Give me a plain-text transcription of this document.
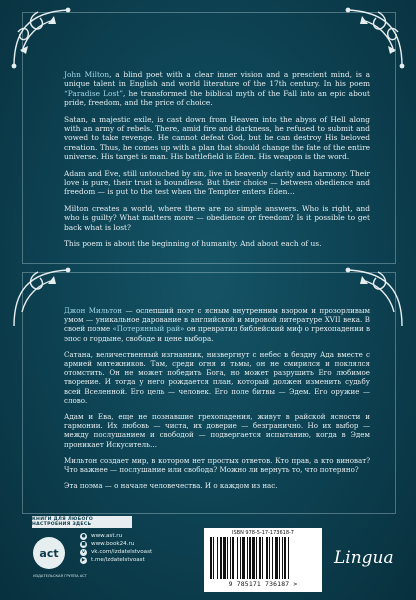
John Milton, a blind poet with a clear inner vision and a prescient mind, is a unique talent in English and world literature of the 17th century. In his poem “Paradise Lost”, he transformed the biblical myth of the Fall into an epic about pride, freedom, and the price of choice.

Satan, a majestic exile, is cast down from Heaven into the abyss of Hell along with an army of rebels. There, amid fire and darkness, he refused to submit and vowed to take revenge. He cannot defeat God, but he can destroy His beloved creation. Thus, he comes up with a plan that should change the fate of the entire universe. His target is man. His battlefield is Eden. His weapon is the word.

Adam and Eve, still untouched by sin, live in heavenly clarity and harmony. Their love is pure, their trust is boundless. But their choice — between obedience and freedom — is put to the test when the Tempter enters Eden…

Milton creates a world, where there are no simple answers. Who is right, and who is guilty? What matters more — obedience or freedom? Is it possible to get back what is lost?

This poem is about the beginning of humanity. And about each of us.

Джон Мильтон — ослепший поэт с ясным внутренним взором и прозорливым умом — уникальное дарование в английской и мировой литературе XVII века. В своей поэме «Потерянный рай» он превратил библейский миф о грехопадении в эпос о гордыне, свободе и цене выбора.

Сатана, величественный изгнанник, низвергнут с небес в бездну Ада вместе с армией мятежников. Там, среди огня и тьмы, он не смирился и поклялся отомстить. Он не может победить Бога, но может разрушить Его любимое творение. И тогда у него рождается план, который должен изменить судьбу всей Вселенной. Его цель — человек. Его поле битвы — Эдем. Его оружие — слово.

Адам и Ева, еще не познавшие грехопадения, живут в райской ясности и гармонии. Их любовь — чиста, их доверие — безгранично. Но их выбор — между послушанием и свободой — подвергается испытанию, когда в Эдем проникает Искуситель…

Мильтон создает мир, в котором нет простых ответов. Кто прав, а кто виноват? Что важнее — послушание или свобода? Можно ли вернуть то, что потеряно?

Эта поэма — о начале человечества. И о каждом из нас.

КНИГИ ДЛЯ ЛЮБОГО НАСТРОЕНИЯ ЗДЕСЬ
act
ИЗДАТЕЛЬСКАЯ ГРУППА АСТ
● www.ast.ru
■ www.book24.ru
v	vk.com/izdatelstvoast
▶	t.me/izdatelstvoast
ISBN 978-5-17-173618-7
9 785171 736187 >
Lingua
